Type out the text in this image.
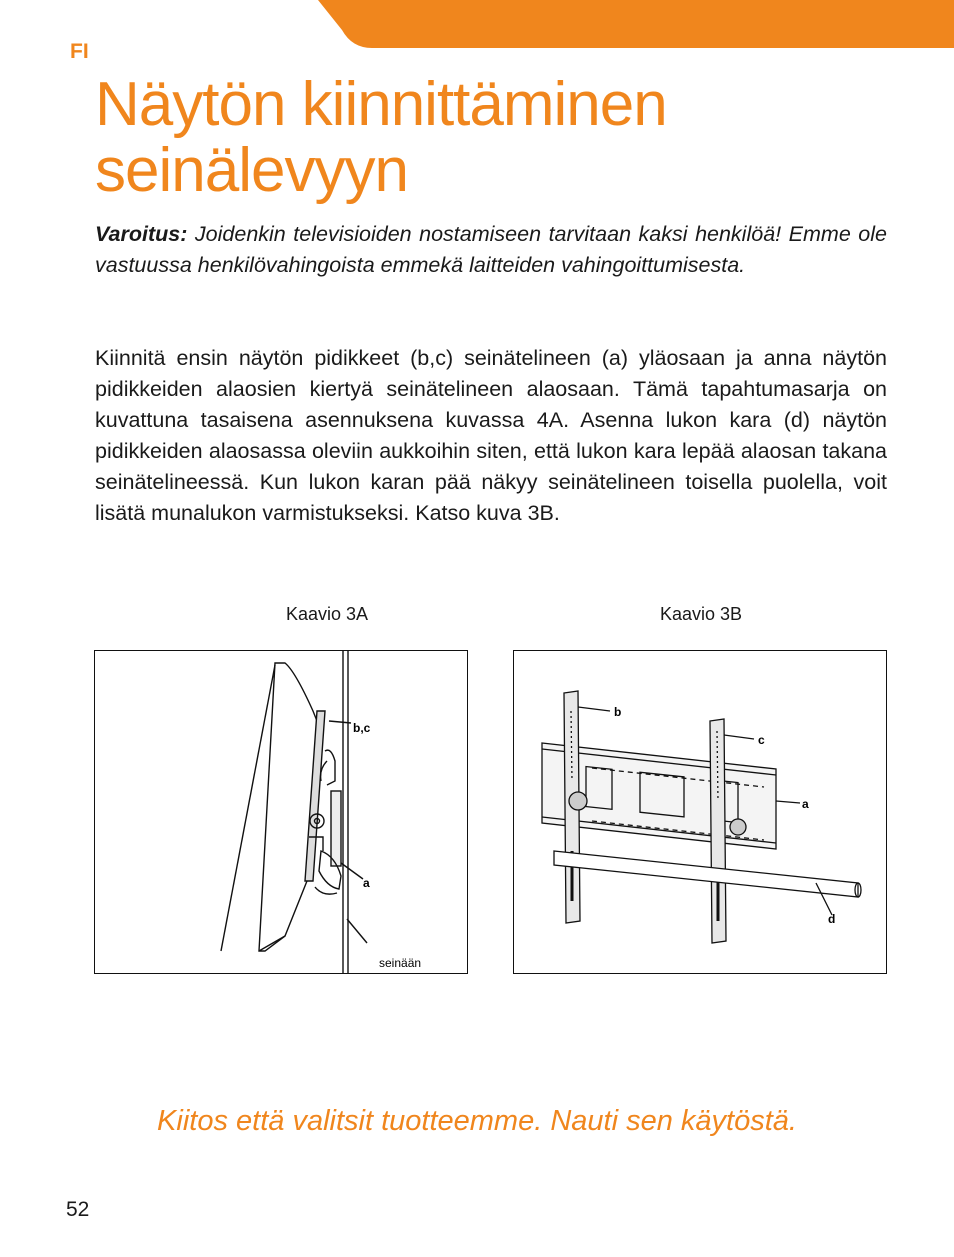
FI
Näytön kiinnittäminen
seinälevyyn
Varoitus: Joidenkin televisioiden nostamiseen tarvitaan kaksi henkilöä! Emme ole vastuussa henkilövahingoista emmekä laitteiden vahingoittumisesta.

Kiinnitä ensin näytön pidikkeet (b,c) seinätelineen (a) yläosaan ja anna näytön pidikkeiden alaosien kiertyä seinätelineen alaosaan. Tämä tapahtumasarja on kuvattuna tasaisena asennuksena kuvassa 4A. Asenna lukon kara (d) näytön pidikkeiden alaosassa oleviin aukkoihin siten, että lukon kara lepää alaosan takana seinätelineessä. Kun lukon karan pää näkyy seinätelineen toisella puolella, voit lisätä munalukon varmistukseksi. Katso kuva 3B.

Kaavio 3A
b,c
a
seinään
Kaavio 3B
b
c
a
d
Kiitos että valitsit tuotteemme. Nauti sen käytöstä.
52
